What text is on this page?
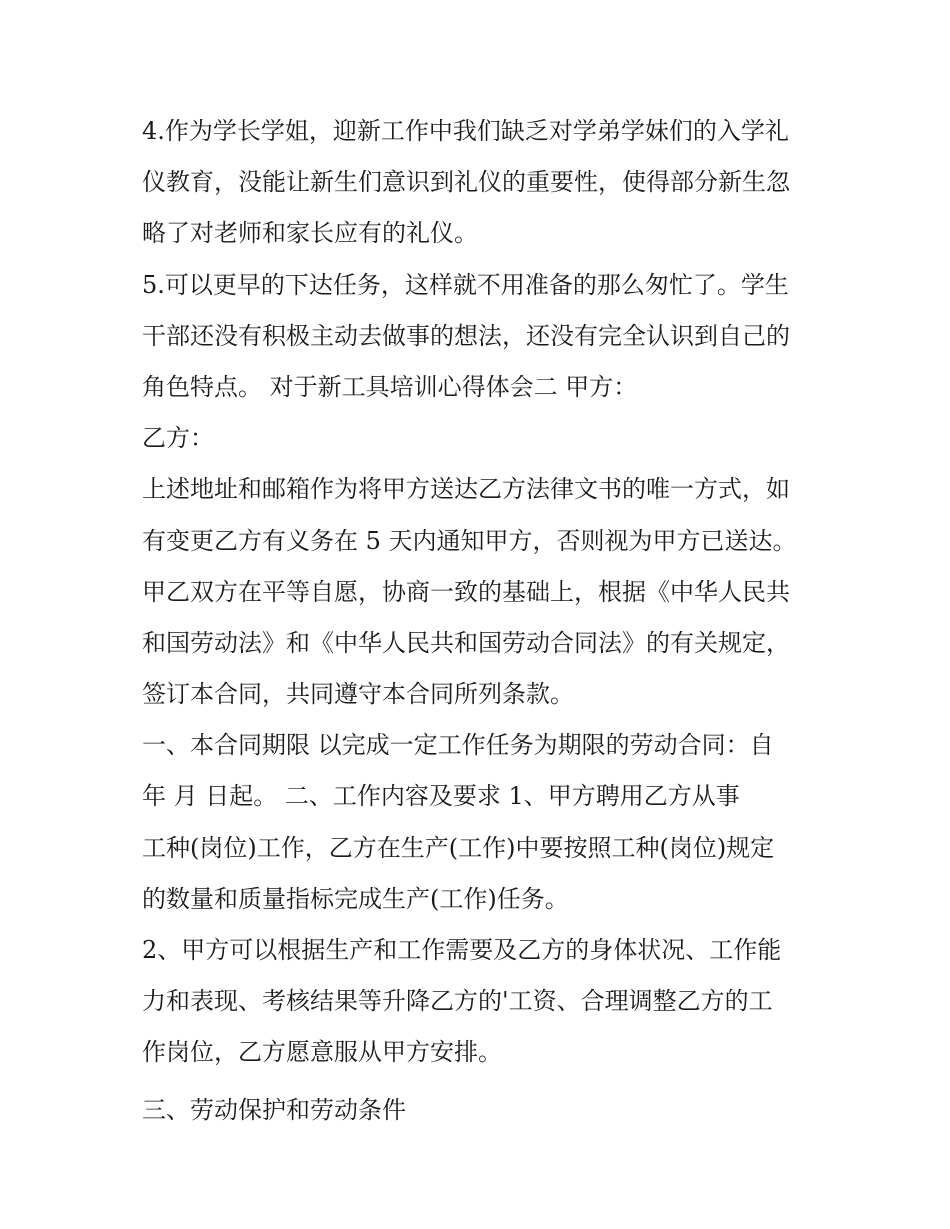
4.作为学长学姐，迎新工作中我们缺乏对学弟学妹们的入学礼
仪教育，没能让新生们意识到礼仪的重要性，使得部分新生忽
略了对老师和家长应有的礼仪。
5.可以更早的下达任务，这样就不用准备的那么匆忙了。学生
干部还没有积极主动去做事的想法，还没有完全认识到自己的
角色特点。 对于新工具培训心得体会二 甲方：
乙方：
上述地址和邮箱作为将甲方送达乙方法律文书的唯一方式，如
有变更乙方有义务在 5 天内通知甲方，否则视为甲方已送达。
甲乙双方在平等自愿，协商一致的基础上，根据《中华人民共
和国劳动法》和《中华人民共和国劳动合同法》的有关规定，
签订本合同，共同遵守本合同所列条款。
一、本合同期限 以完成一定工作任务为期限的劳动合同：自
年 月 日起。 二、工作内容及要求 1、甲方聘用乙方从事
工种(岗位)工作，乙方在生产(工作)中要按照工种(岗位)规定
的数量和质量指标完成生产(工作)任务。
2、甲方可以根据生产和工作需要及乙方的身体状况、工作能
力和表现、考核结果等升降乙方的'工资、合理调整乙方的工
作岗位，乙方愿意服从甲方安排。
三、劳动保护和劳动条件
